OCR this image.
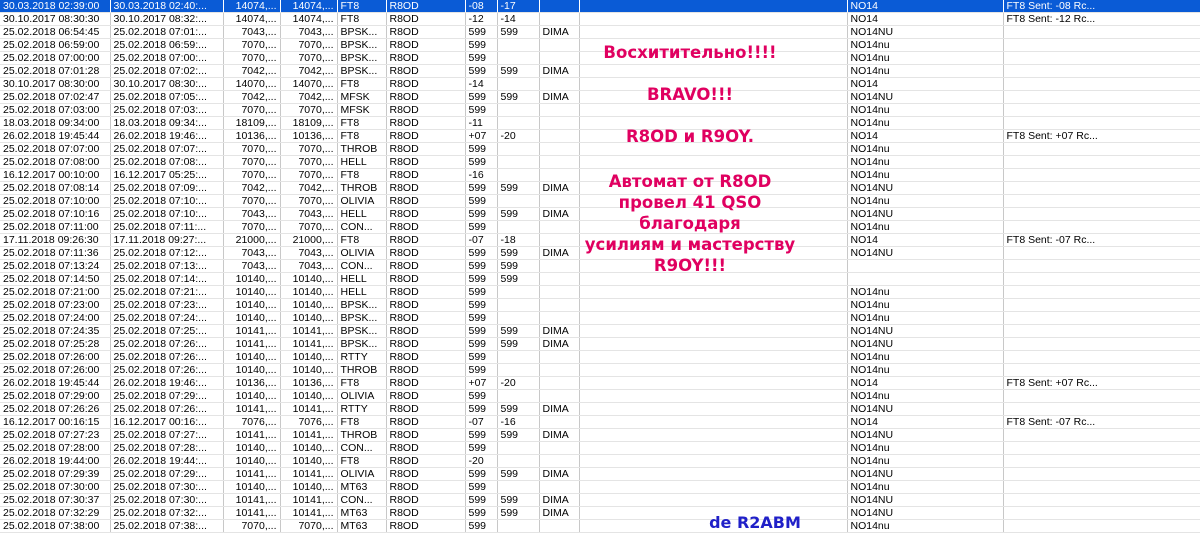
30.03.2018 02:39:00	30.03.2018 02:40:...	14074,...	14074,...	FT8	R8OD	-08	-17			NO14	FT8 Sent: -08 Rc...	
30.10.2017 08:30:30	30.10.2017 08:32:...	14074,...	14074,...	FT8	R8OD	-12	-14			NO14	FT8 Sent: -12 Rc...	
25.02.2018 06:54:45	25.02.2018 07:01:...	7043,...	7043,...	BPSK...	R8OD	599	599	DIMA		NO14NU		
25.02.2018 06:59:00	25.02.2018 06:59:...	7070,...	7070,...	BPSK...	R8OD	599				NO14nu		
25.02.2018 07:00:00	25.02.2018 07:00:...	7070,...	7070,...	BPSK...	R8OD	599				NO14nu		
25.02.2018 07:01:28	25.02.2018 07:02:...	7042,...	7042,...	BPSK...	R8OD	599	599	DIMA		NO14nu		
30.10.2017 08:30:00	30.10.2017 08:30:...	14070,...	14070,...	FT8	R8OD	-14				NO14		
25.02.2018 07:02:47	25.02.2018 07:05:...	7042,...	7042,...	MFSK	R8OD	599	599	DIMA		NO14NU		
25.02.2018 07:03:00	25.02.2018 07:03:...	7070,...	7070,...	MFSK	R8OD	599				NO14nu		
18.03.2018 09:34:00	18.03.2018 09:34:...	18109,...	18109,...	FT8	R8OD	-11				NO14nu		
26.02.2018 19:45:44	26.02.2018 19:46:...	10136,...	10136,...	FT8	R8OD	+07	-20			NO14	FT8 Sent: +07 Rc...	
25.02.2018 07:07:00	25.02.2018 07:07:...	7070,...	7070,...	THROB	R8OD	599				NO14nu		
25.02.2018 07:08:00	25.02.2018 07:08:...	7070,...	7070,...	HELL	R8OD	599				NO14nu		
16.12.2017 00:10:00	16.12.2017 05:25:...	7070,...	7070,...	FT8	R8OD	-16				NO14nu		
25.02.2018 07:08:14	25.02.2018 07:09:...	7042,...	7042,...	THROB	R8OD	599	599	DIMA		NO14NU		
25.02.2018 07:10:00	25.02.2018 07:10:...	7070,...	7070,...	OLIVIA	R8OD	599				NO14nu		
25.02.2018 07:10:16	25.02.2018 07:10:...	7043,...	7043,...	HELL	R8OD	599	599	DIMA		NO14NU		
25.02.2018 07:11:00	25.02.2018 07:11:...	7070,...	7070,...	CON...	R8OD	599				NO14nu		
17.11.2018 09:26:30	17.11.2018 09:27:...	21000,...	21000,...	FT8	R8OD	-07	-18			NO14	FT8 Sent: -07 Rc...	
25.02.2018 07:11:36	25.02.2018 07:12:...	7043,...	7043,...	OLIVIA	R8OD	599	599	DIMA		NO14NU		
25.02.2018 07:13:24	25.02.2018 07:13:...	7043,...	7043,...	CON...	R8OD	599	599					
25.02.2018 07:14:50	25.02.2018 07:14:...	10140,...	10140,...	HELL	R8OD	599	599					
25.02.2018 07:21:00	25.02.2018 07:21:...	10140,...	10140,...	HELL	R8OD	599				NO14nu		
25.02.2018 07:23:00	25.02.2018 07:23:...	10140,...	10140,...	BPSK...	R8OD	599				NO14nu		
25.02.2018 07:24:00	25.02.2018 07:24:...	10140,...	10140,...	BPSK...	R8OD	599				NO14nu		
25.02.2018 07:24:35	25.02.2018 07:25:...	10141,...	10141,...	BPSK...	R8OD	599	599	DIMA		NO14NU		
25.02.2018 07:25:28	25.02.2018 07:26:...	10141,...	10141,...	BPSK...	R8OD	599	599	DIMA		NO14NU		
25.02.2018 07:26:00	25.02.2018 07:26:...	10140,...	10140,...	RTTY	R8OD	599				NO14nu		
25.02.2018 07:26:00	25.02.2018 07:26:...	10140,...	10140,...	THROB	R8OD	599				NO14nu		
26.02.2018 19:45:44	26.02.2018 19:46:...	10136,...	10136,...	FT8	R8OD	+07	-20			NO14	FT8 Sent: +07 Rc...	
25.02.2018 07:29:00	25.02.2018 07:29:...	10140,...	10140,...	OLIVIA	R8OD	599				NO14nu		
25.02.2018 07:26:26	25.02.2018 07:26:...	10141,...	10141,...	RTTY	R8OD	599	599	DIMA		NO14NU		
16.12.2017 00:16:15	16.12.2017 00:16:...	7076,...	7076,...	FT8	R8OD	-07	-16			NO14	FT8 Sent: -07 Rc...	
25.02.2018 07:27:23	25.02.2018 07:27:...	10141,...	10141,...	THROB	R8OD	599	599	DIMA		NO14NU		
25.02.2018 07:28:00	25.02.2018 07:28:...	10140,...	10140,...	CON...	R8OD	599				NO14nu		
26.02.2018 19:44:00	26.02.2018 19:44:...	10140,...	10140,...	FT8	R8OD	-20				NO14nu		
25.02.2018 07:29:39	25.02.2018 07:29:...	10141,...	10141,...	OLIVIA	R8OD	599	599	DIMA		NO14NU		
25.02.2018 07:30:00	25.02.2018 07:30:...	10140,...	10140,...	MT63	R8OD	599				NO14nu		
25.02.2018 07:30:37	25.02.2018 07:30:...	10141,...	10141,...	CON...	R8OD	599	599	DIMA		NO14NU		
25.02.2018 07:32:29	25.02.2018 07:32:...	10141,...	10141,...	MT63	R8OD	599	599	DIMA		NO14NU		
25.02.2018 07:38:00	25.02.2018 07:38:...	7070,...	7070,...	MT63	R8OD	599				NO14nu		
Восхитительно!!!!
BRAVO!!!
R8OD и R9OY.
Автомат от R8OD
провел 41 QSO
благодаря
усилиям и мастерству
R9OY!!!
de R2ABM
